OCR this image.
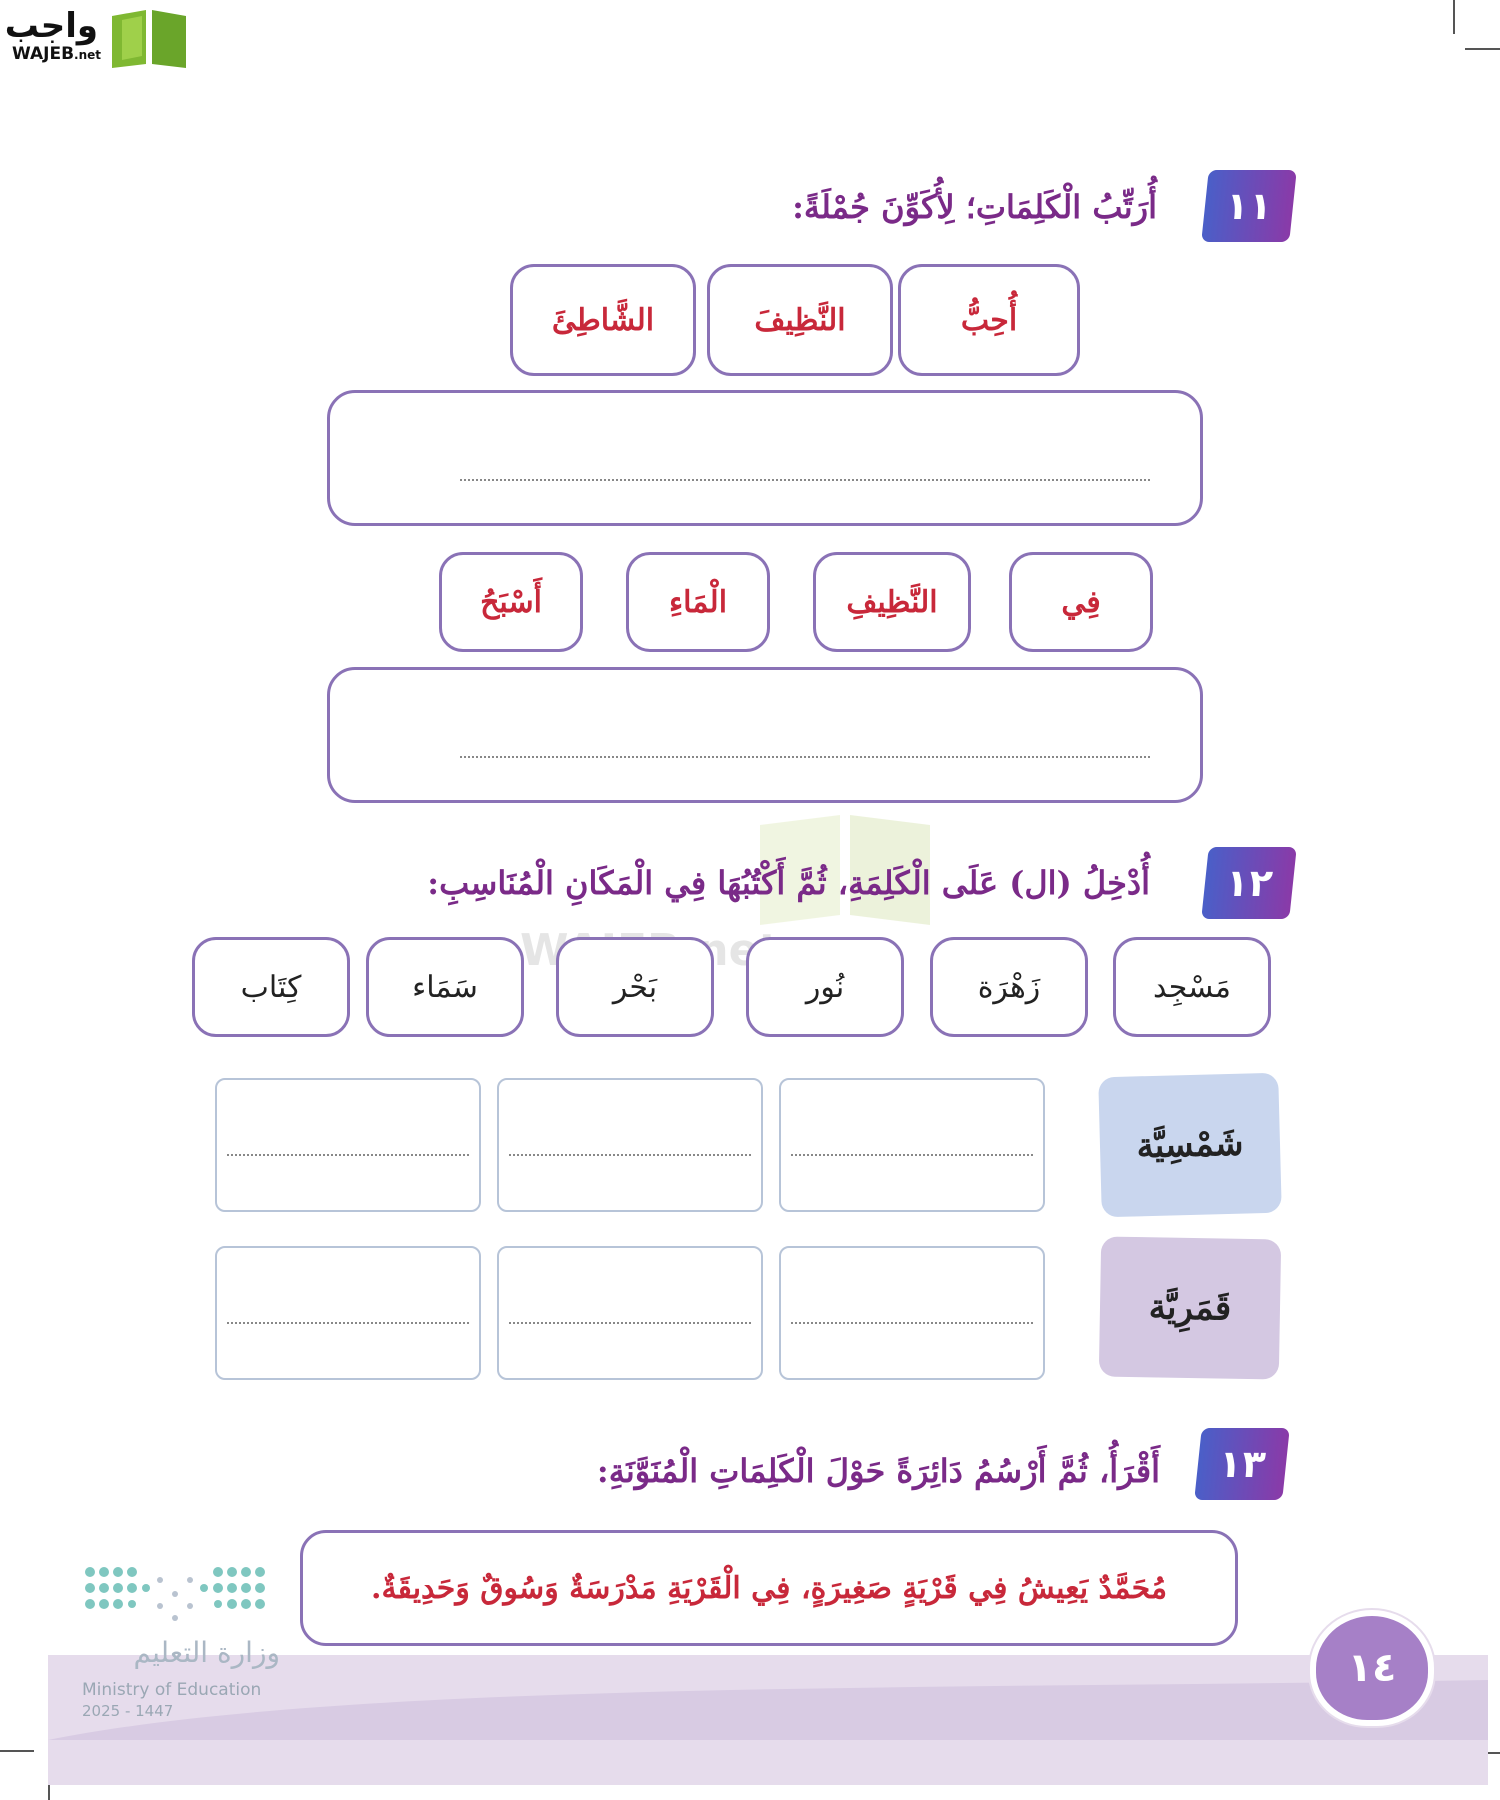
واجب
WAJEB.net
١١
أُرَتِّبُ الْكَلِمَاتِ؛ لِأُكَوِّنَ جُمْلَةً:
أُحِبُّ
النَّظِيفَ
الشَّاطِئَ
فِي
النَّظِيفِ
الْمَاءِ
أَسْبَحُ
١٢
أُدْخِلُ (ال) عَلَى الْكَلِمَةِ، ثُمَّ أَكْتُبُهَا فِي الْمَكَانِ الْمُنَاسِبِ:
مَسْجِد
زَهْرَة
نُور
بَحْر
سَمَاء
كِتَاب
شَمْسِيَّة
قَمَرِيَّة
١٣
أَقْرَأُ، ثُمَّ أَرْسُمُ دَائِرَةً حَوْلَ الْكَلِمَاتِ الْمُنَوَّنَةِ:
مُحَمَّدٌ يَعِيشُ فِي قَرْيَةٍ صَغِيرَةٍ، فِي الْقَرْيَةِ مَدْرَسَةٌ وَسُوقٌ وَحَدِيقَةٌ.
وزارة التعليم
Ministry of Education
2025 - 1447
١٤
